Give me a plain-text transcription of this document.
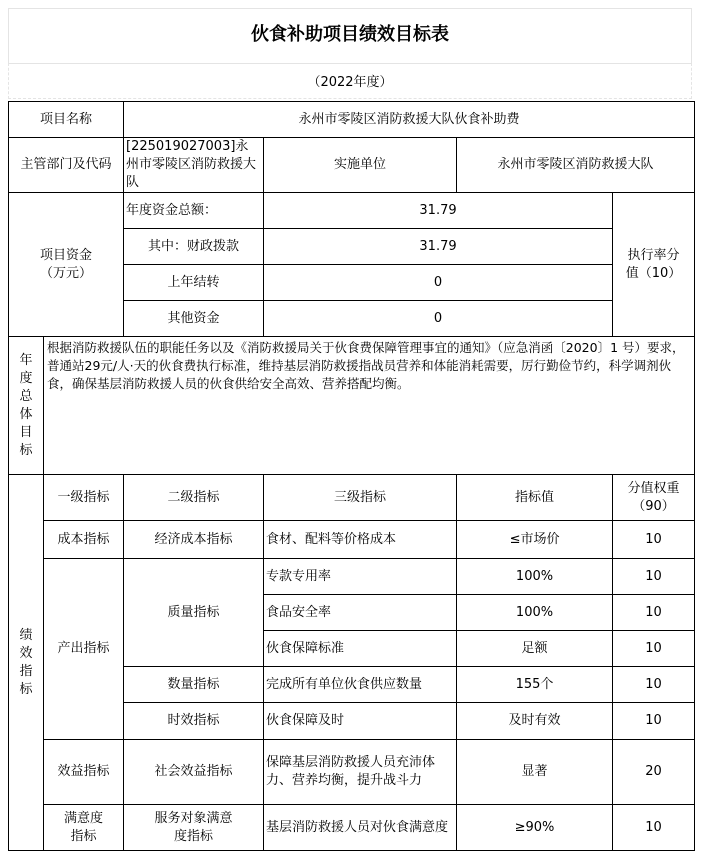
伙食补助项目绩效目标表
（2022年度）
项目名称		永州市零陵区消防救援大队伙食补助费			
主管部门及代码		[225019027003]永州市零陵区消防救援大队	实施单位	永州市零陵区消防救援大队	

项目资金（万元）		年度资金总额：	31.79		执行率分值（10）

		其中：财政拨款	31.79		
		上年结转	0		
		其他资金	0		

年度总体目标	根据消防救援队伍的职能任务以及《消防救援局关于伙食费保障管理事宜的通知》（应急消函〔2020〕1 号）要求，普通站29元/人·天的伙食费执行标准，维持基层消防救援指战员营养和体能消耗需要，厉行勤俭节约，科学调剂伙食，确保基层消防救援人员的伙食供给安全高效、营养搭配均衡。				

绩效指标	一级指标	二级指标	三级指标	指标值	分值权重（90）

	成本指标	经济成本指标	食材、配料等价格成本	≤市场价	10
	产出指标	质量指标	专款专用率	100%	10
			食品安全率	100%	10
			伙食保障标准	足额	10
		数量指标	完成所有单位伙食供应数量	155个	10
		时效指标	伙食保障及时	及时有效	10
	效益指标	社会效益指标	保障基层消防救援人员充沛体力、营养均衡，提升战斗力	显著	20

	满意度指标	服务对象满意度指标	基层消防救援人员对伙食满意度	≥90%	10
